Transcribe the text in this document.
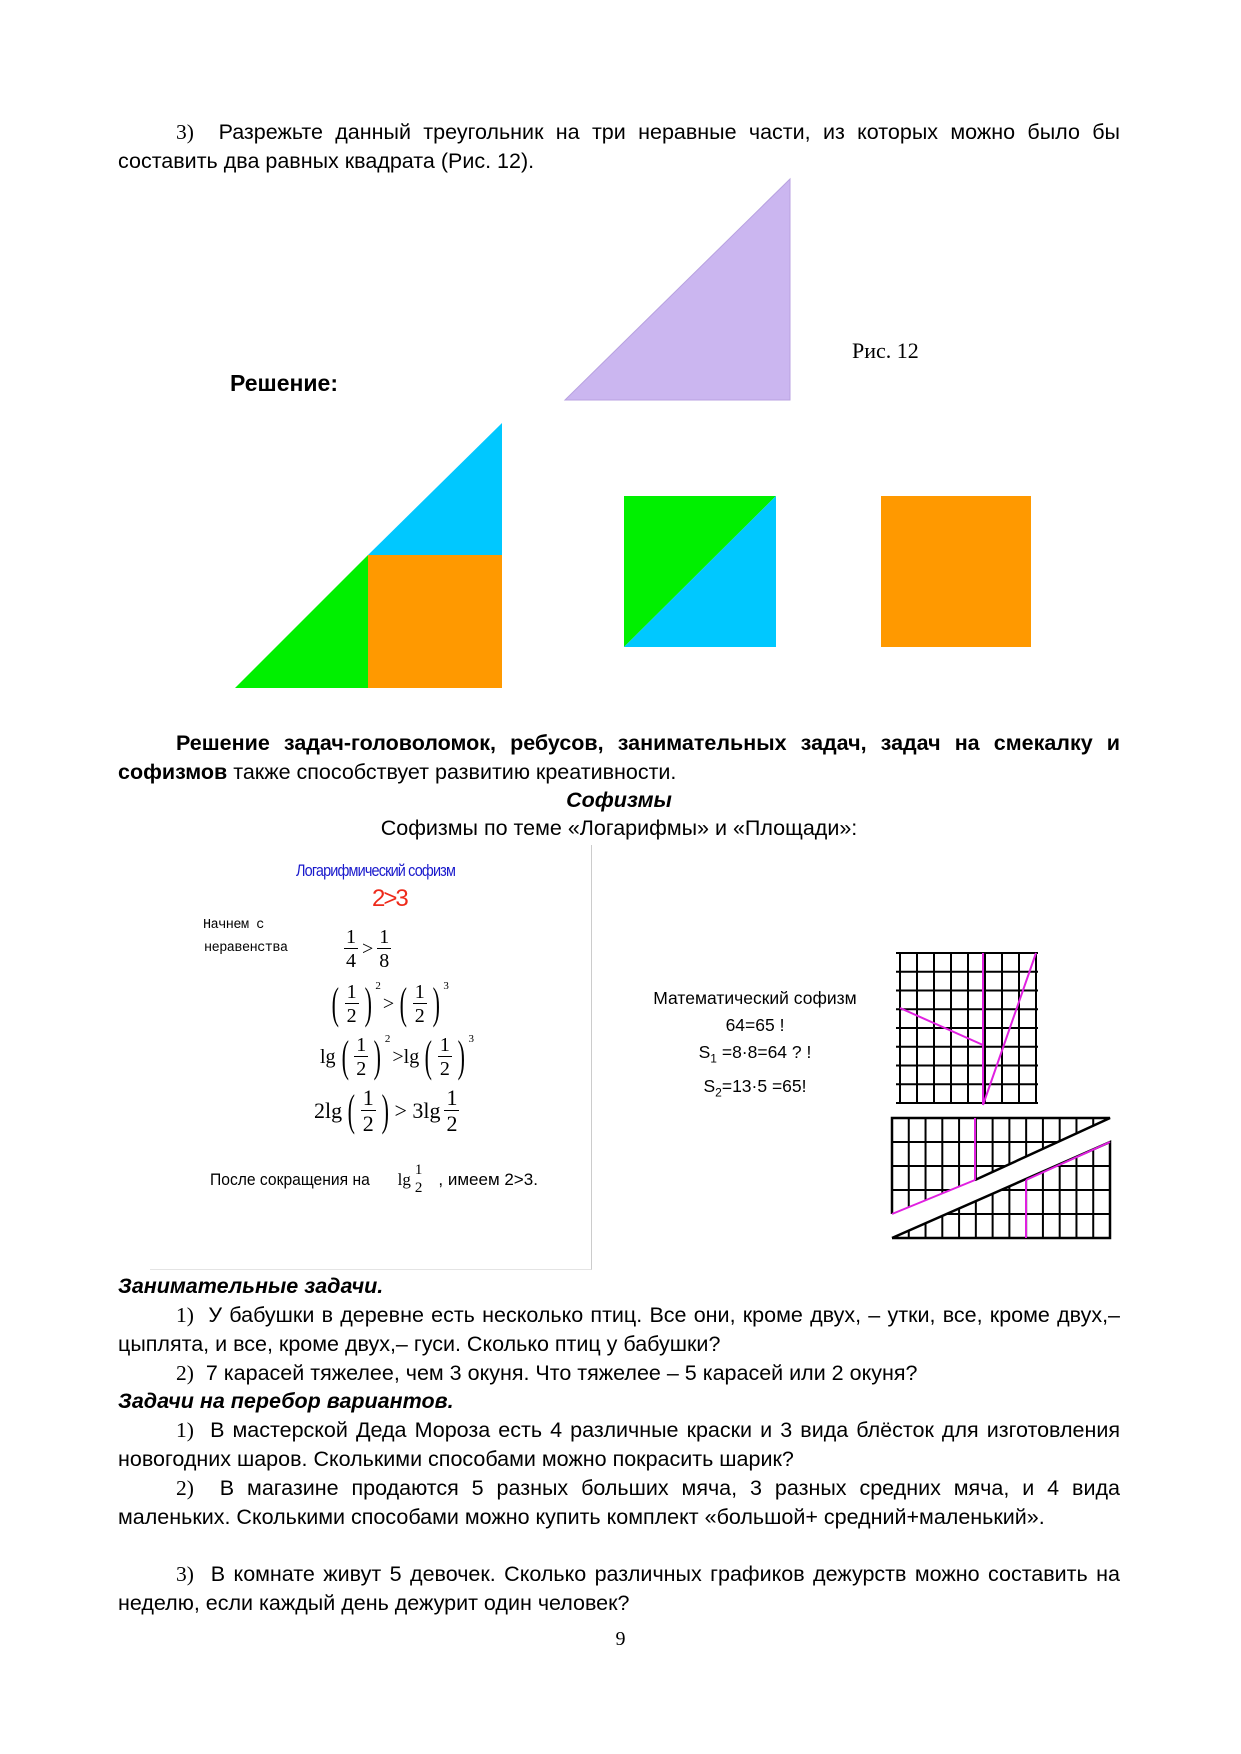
3) Разрежьте данный треугольник на три неравные части, из которых можно было бы составить два равных квадрата (Рис. 12).
Рис. 12
Решение:
Решение задач-головоломок, ребусов, занимательных задач, задач на смекалку и софизмов также способствует развитию креативности.
Софизмы
Софизмы по теме «Логарифмы» и «Площади»:
Логарифмический софизм
2>3
Начнем с
неравенства	$\frac{1}{4} > \frac{1}{8}$
( $\frac{1}{2}$ ) $^2$
> ( $\frac{1}{2}$ ) $^3$
lg ( $\frac{1}{2}$ ) $^2$
>lg ( $\frac{1}{2}$ ) $^3$
2lg ( $\frac{1}{2}$ ) > $3\lg \frac{1}{2}$
После сокращения на lg 1
2 , имеем 2>3.
Математический софизм
64=65 !
$S_1 =8\cdot 8=64$ ? !
$S_2=13\cdot 5 =65$!
Занимательные задачи.
1) У бабушки в деревне есть несколько птиц. Все они, кроме двух, – утки, все, кроме двух,– цыплята, и все, кроме двух,– гуси. Сколько птиц у бабушки?
2) 7 карасей тяжелее, чем 3 окуня. Что тяжелее – 5 карасей или 2 окуня?
Задачи на перебор вариантов.
1) В мастерской Деда Мороза есть 4 различные краски и 3 вида блёсток для изготовления новогодних шаров. Сколькими способами можно покрасить шарик?
2) В магазине продаются 5 разных больших мяча, 3 разных средних мяча, и 4 вида маленьких. Сколькими способами можно купить комплект «большой+ средний+маленький».
3) В комнате живут 5 девочек. Сколько различных графиков дежурств можно составить на неделю, если каждый день дежурит один человек?
9
